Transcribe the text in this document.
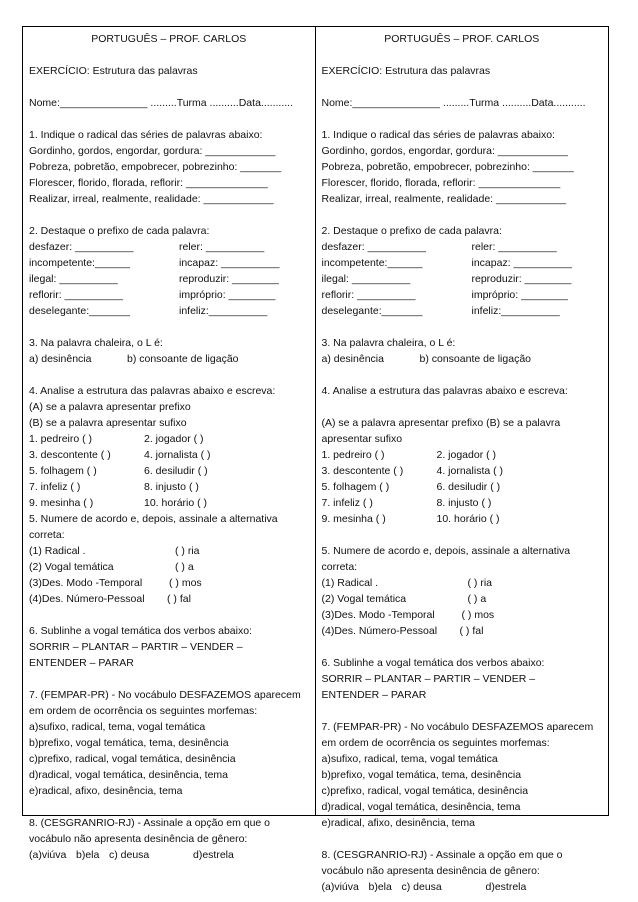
PORTUGUÊS – PROF. CARLOS
EXERCÍCIO: Estrutura das palavras
Nome:_______________ .........Turma ..........Data...........
1. Indique o radical das séries de palavras abaixo:
Gordinho, gordos, engordar, gordura: ____________
Pobreza, pobretão, empobrecer, pobrezinho: _______
Florescer, florido, florada, reflorir: ______________
Realizar, irreal, realmente, realidade: ____________
2. Destaque o prefixo de cada palavra:
desfazer: __________	reler: __________
incompetente:______	incapaz: __________
ilegal: __________	reproduzir: ________
reflorir: __________	impróprio: ________
deselegante:_______	infeliz:__________
3. Na palavra chaleira, o L é:
a) desinência	b) consoante de ligação
4. Analise a estrutura das palavras abaixo e escreva:
(A) se a palavra apresentar prefixo
(B) se a palavra apresentar sufixo
1. pedreiro ( )	2. jogador ( )
3. descontente ( )	4. jornalista ( )
5. folhagem ( )	6. desiludir ( )
7. infeliz ( )	8. injusto ( )
9. mesinha ( )	10. horário ( )
5. Numere de acordo e, depois, assinale a alternativa
correta:
(1) Radical .	( ) ria
(2) Vogal temática	( ) a
(3)Des. Modo -Temporal	( ) mos
(4)Des. Número-Pessoal	( ) fal
6. Sublinhe a vogal temática dos verbos abaixo:
SORRIR – PLANTAR – PARTIR – VENDER –
ENTENDER – PARAR
7. (FEMPAR-PR) - No vocábulo DESFAZEMOS aparecem
em ordem de ocorrência os seguintes morfemas:
a)sufixo, radical, tema, vogal temática
b)prefixo, vogal temática, tema, desinência
c)prefixo, radical, vogal temática, desinência
d)radical, vogal temática, desinência, tema
e)radical, afixo, desinência, tema
8. (CESGRANRIO-RJ) - Assinale a opção em que o
vocábulo não apresenta desinência de gênero:
(a)viúva b)ela c) deusa	d)estrela
PORTUGUÊS – PROF. CARLOS
EXERCÍCIO: Estrutura das palavras
Nome:_______________ .........Turma ..........Data...........
1. Indique o radical das séries de palavras abaixo:
Gordinho, gordos, engordar, gordura: ____________
Pobreza, pobretão, empobrecer, pobrezinho: _______
Florescer, florido, florada, reflorir: ______________
Realizar, irreal, realmente, realidade: ____________
2. Destaque o prefixo de cada palavra:
desfazer: __________	reler: __________
incompetente:______	incapaz: __________
ilegal: __________	reproduzir: ________
reflorir: __________	impróprio: ________
deselegante:_______	infeliz:__________
3. Na palavra chaleira, o L é:
a) desinência	b) consoante de ligação
4. Analise a estrutura das palavras abaixo e escreva:
(A) se a palavra apresentar prefixo (B) se a palavra
apresentar sufixo
1. pedreiro ( )	2. jogador ( )
3. descontente ( )	4. jornalista ( )
5. folhagem ( )	6. desiludir ( )
7. infeliz ( )	8. injusto ( )
9. mesinha ( )	10. horário ( )
5. Numere de acordo e, depois, assinale a alternativa
correta:
(1) Radical .	( ) ria
(2) Vogal temática	( ) a
(3)Des. Modo -Temporal	( ) mos
(4)Des. Número-Pessoal	( ) fal
6. Sublinhe a vogal temática dos verbos abaixo:
SORRIR – PLANTAR – PARTIR – VENDER –
ENTENDER – PARAR
7. (FEMPAR-PR) - No vocábulo DESFAZEMOS aparecem
em ordem de ocorrência os seguintes morfemas:
a)sufixo, radical, tema, vogal temática
b)prefixo, vogal temática, tema, desinência
c)prefixo, radical, vogal temática, desinência
d)radical, vogal temática, desinência, tema
e)radical, afixo, desinência, tema
8. (CESGRANRIO-RJ) - Assinale a opção em que o
vocábulo não apresenta desinência de gênero:
(a)viúva b)ela c) deusa	d)estrela
